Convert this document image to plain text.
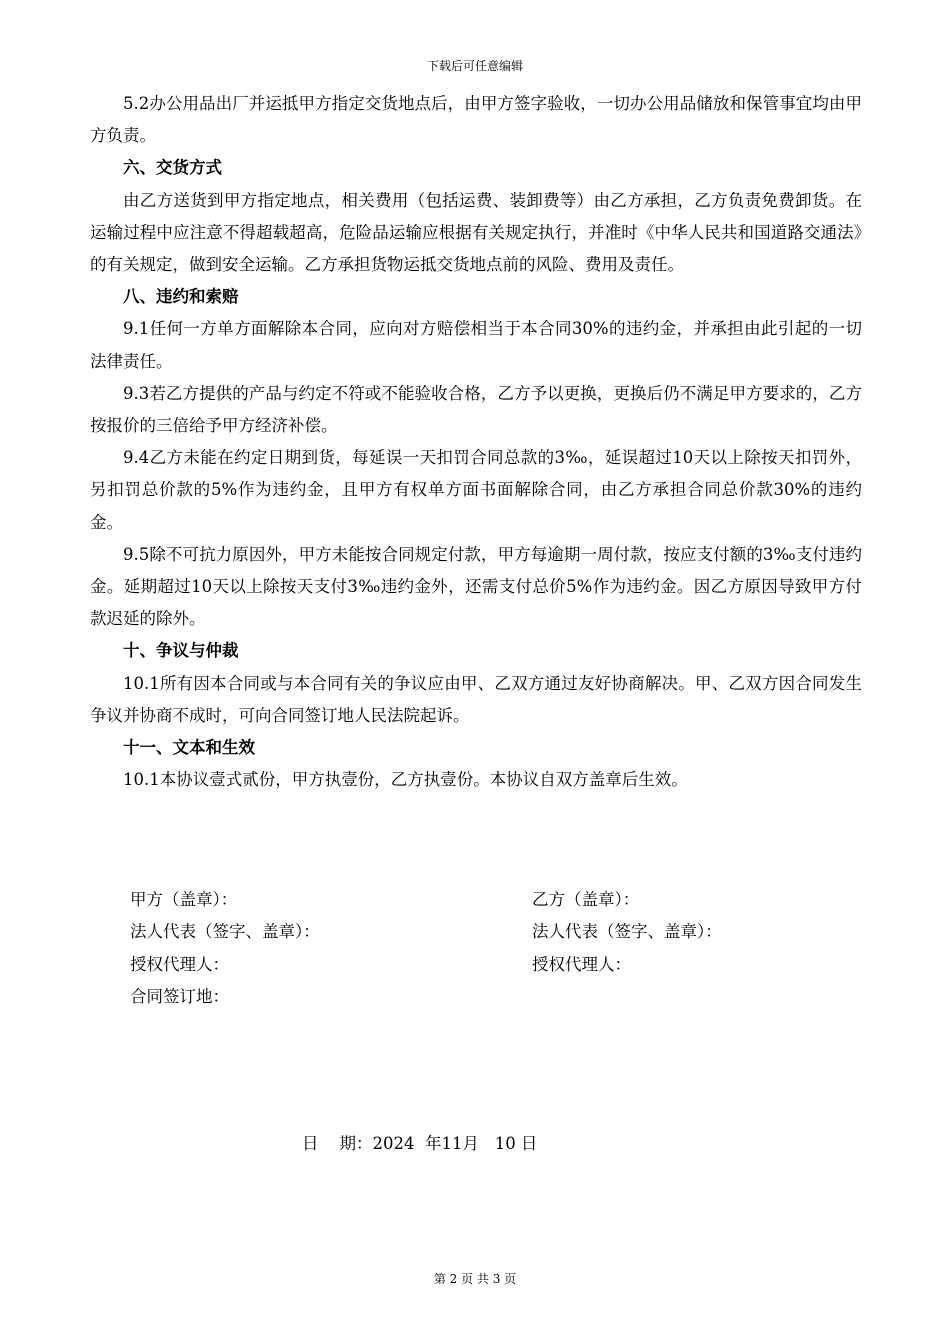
下载后可任意编辑

5.2办公用品出厂并运抵甲方指定交货地点后，由甲方签字验收，一切办公用品储放和保管事宜均由甲方负责。

六、交货方式

由乙方送货到甲方指定地点，相关费用（包括运费、装卸费等）由乙方承担，乙方负责免费卸货。在运输过程中应注意不得超载超高，危险品运输应根据有关规定执行，并准时《中华人民共和国道路交通法》的有关规定，做到安全运输。乙方承担货物运抵交货地点前的风险、费用及责任。

八、违约和索赔

9.1任何一方单方面解除本合同，应向对方赔偿相当于本合同30%的违约金，并承担由此引起的一切法律责任。

9.3若乙方提供的产品与约定不符或不能验收合格，乙方予以更换，更换后仍不满足甲方要求的，乙方按报价的三倍给予甲方经济补偿。

9.4乙方未能在约定日期到货，每延误一天扣罚合同总款的3‰，延误超过10天以上除按天扣罚外，另扣罚总价款的5%作为违约金，且甲方有权单方面书面解除合同，由乙方承担合同总价款30%的违约金。

9.5除不可抗力原因外，甲方未能按合同规定付款，甲方每逾期一周付款，按应支付额的3‰支付违约金。延期超过10天以上除按天支付3‰违约金外，还需支付总价5%作为违约金。因乙方原因导致甲方付款迟延的除外。

十、争议与仲裁

10.1所有因本合同或与本合同有关的争议应由甲、乙双方通过友好协商解决。甲、乙双方因合同发生争议并协商不成时，可向合同签订地人民法院起诉。

十一、文本和生效

10.1本协议壹式贰份，甲方执壹份，乙方执壹份。本协议自双方盖章后生效。

甲方（盖章）：	乙方（盖章）：
法人代表（签字、盖章）：	法人代表（签字、盖章）：
授权代理人：	授权代理人：
合同签订地：
日    期：2024  年11月   10 日
第 2 页 共 3 页
